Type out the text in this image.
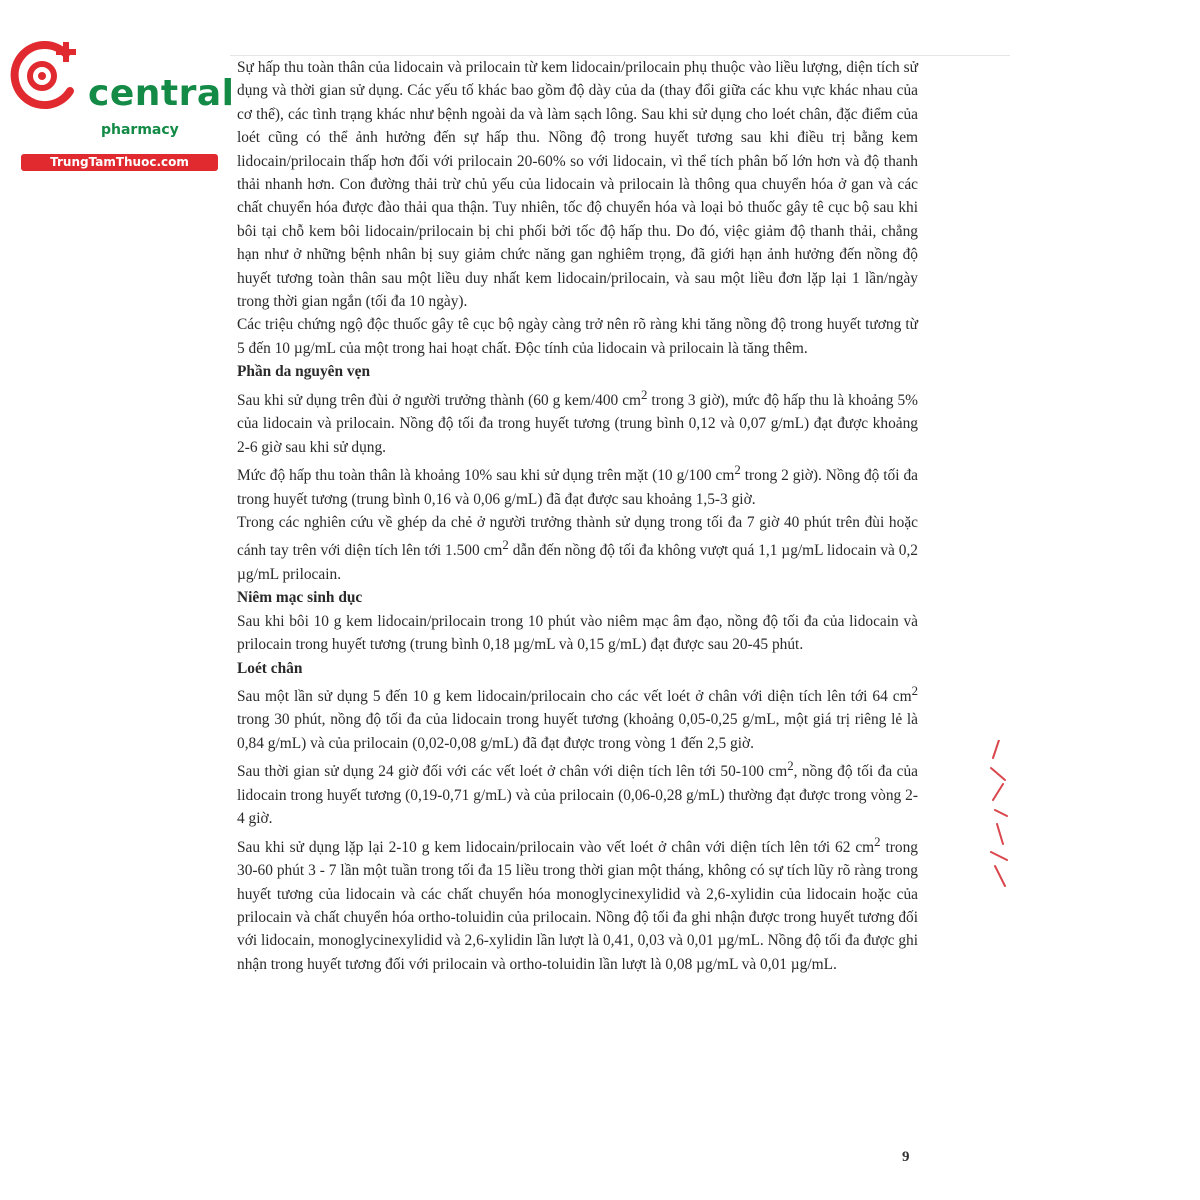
central
pharmacy
TrungTamThuoc.com

Sự hấp thu toàn thân của lidocain và prilocain từ kem lidocain/prilocain phụ thuộc vào liều lượng, diện tích sử dụng và thời gian sử dụng. Các yếu tố khác bao gồm độ dày của da (thay đổi giữa các khu vực khác nhau của cơ thể), các tình trạng khác như bệnh ngoài da và làm sạch lông. Sau khi sử dụng cho loét chân, đặc điểm của loét cũng có thể ảnh hưởng đến sự hấp thu. Nồng độ trong huyết tương sau khi điều trị bằng kem lidocain/prilocain thấp hơn đối với prilocain 20-60% so với lidocain, vì thể tích phân bố lớn hơn và độ thanh thải nhanh hơn. Con đường thải trừ chủ yếu của lidocain và prilocain là thông qua chuyển hóa ở gan và các chất chuyển hóa được đào thải qua thận. Tuy nhiên, tốc độ chuyển hóa và loại bỏ thuốc gây tê cục bộ sau khi bôi tại chỗ kem bôi lidocain/prilocain bị chi phối bởi tốc độ hấp thu. Do đó, việc giảm độ thanh thải, chẳng hạn như ở những bệnh nhân bị suy giảm chức năng gan nghiêm trọng, đã giới hạn ảnh hưởng đến nồng độ huyết tương toàn thân sau một liều duy nhất kem lidocain/prilocain, và sau một liều đơn lặp lại 1 lần/ngày trong thời gian ngắn (tối đa 10 ngày).

Các triệu chứng ngộ độc thuốc gây tê cục bộ ngày càng trở nên rõ ràng khi tăng nồng độ trong huyết tương từ 5 đến 10 µg/mL của một trong hai hoạt chất. Độc tính của lidocain và prilocain là tăng thêm.

Phần da nguyên vẹn

Sau khi sử dụng trên đùi ở người trưởng thành (60 g kem/400 $cm^2$ trong 3 giờ), mức độ hấp thu là khoảng 5% của lidocain và prilocain. Nồng độ tối đa trong huyết tương (trung bình 0,12 và 0,07 g/mL) đạt được khoảng 2-6 giờ sau khi sử dụng.

Mức độ hấp thu toàn thân là khoảng 10% sau khi sử dụng trên mặt (10 g/100 $cm^2$ trong 2 giờ). Nồng độ tối đa trong huyết tương (trung bình 0,16 và 0,06 g/mL) đã đạt được sau khoảng 1,5-3 giờ.

Trong các nghiên cứu về ghép da chẻ ở người trưởng thành sử dụng trong tối đa 7 giờ 40 phút trên đùi hoặc cánh tay trên với diện tích lên tới 1.500 $cm^2$ dẫn đến nồng độ tối đa không vượt quá 1,1 µg/mL lidocain và 0,2 µg/mL prilocain.

Niêm mạc sinh dục

Sau khi bôi 10 g kem lidocain/prilocain trong 10 phút vào niêm mạc âm đạo, nồng độ tối đa của lidocain và prilocain trong huyết tương (trung bình 0,18 µg/mL và 0,15 g/mL) đạt được sau 20-45 phút.

Loét chân

Sau một lần sử dụng 5 đến 10 g kem lidocain/prilocain cho các vết loét ở chân với diện tích lên tới 64 $cm^2$ trong 30 phút, nồng độ tối đa của lidocain trong huyết tương (khoảng 0,05-0,25 g/mL, một giá trị riêng lẻ là 0,84 g/mL) và của prilocain (0,02-0,08 g/mL) đã đạt được trong vòng 1 đến 2,5 giờ.

Sau thời gian sử dụng 24 giờ đối với các vết loét ở chân với diện tích lên tới 50-100 $cm^2$, nồng độ tối đa của lidocain trong huyết tương (0,19-0,71 g/mL) và của prilocain (0,06-0,28 g/mL) thường đạt được trong vòng 2-4 giờ.

Sau khi sử dụng lặp lại 2-10 g kem lidocain/prilocain vào vết loét ở chân với diện tích lên tới 62 $cm^2$ trong 30-60 phút 3 - 7 lần một tuần trong tối đa 15 liều trong thời gian một tháng, không có sự tích lũy rõ ràng trong huyết tương của lidocain và các chất chuyển hóa monoglycinexylidid và 2,6-xylidin của lidocain hoặc của prilocain và chất chuyển hóa ortho-toluidin của prilocain. Nồng độ tối đa ghi nhận được trong huyết tương đối với lidocain, monoglycinexylidid và 2,6-xylidin lần lượt là 0,41, 0,03 và 0,01 µg/mL. Nồng độ tối đa được ghi nhận trong huyết tương đối với prilocain và ortho-toluidin lần lượt là 0,08 µg/mL và 0,01 µg/mL.

9
